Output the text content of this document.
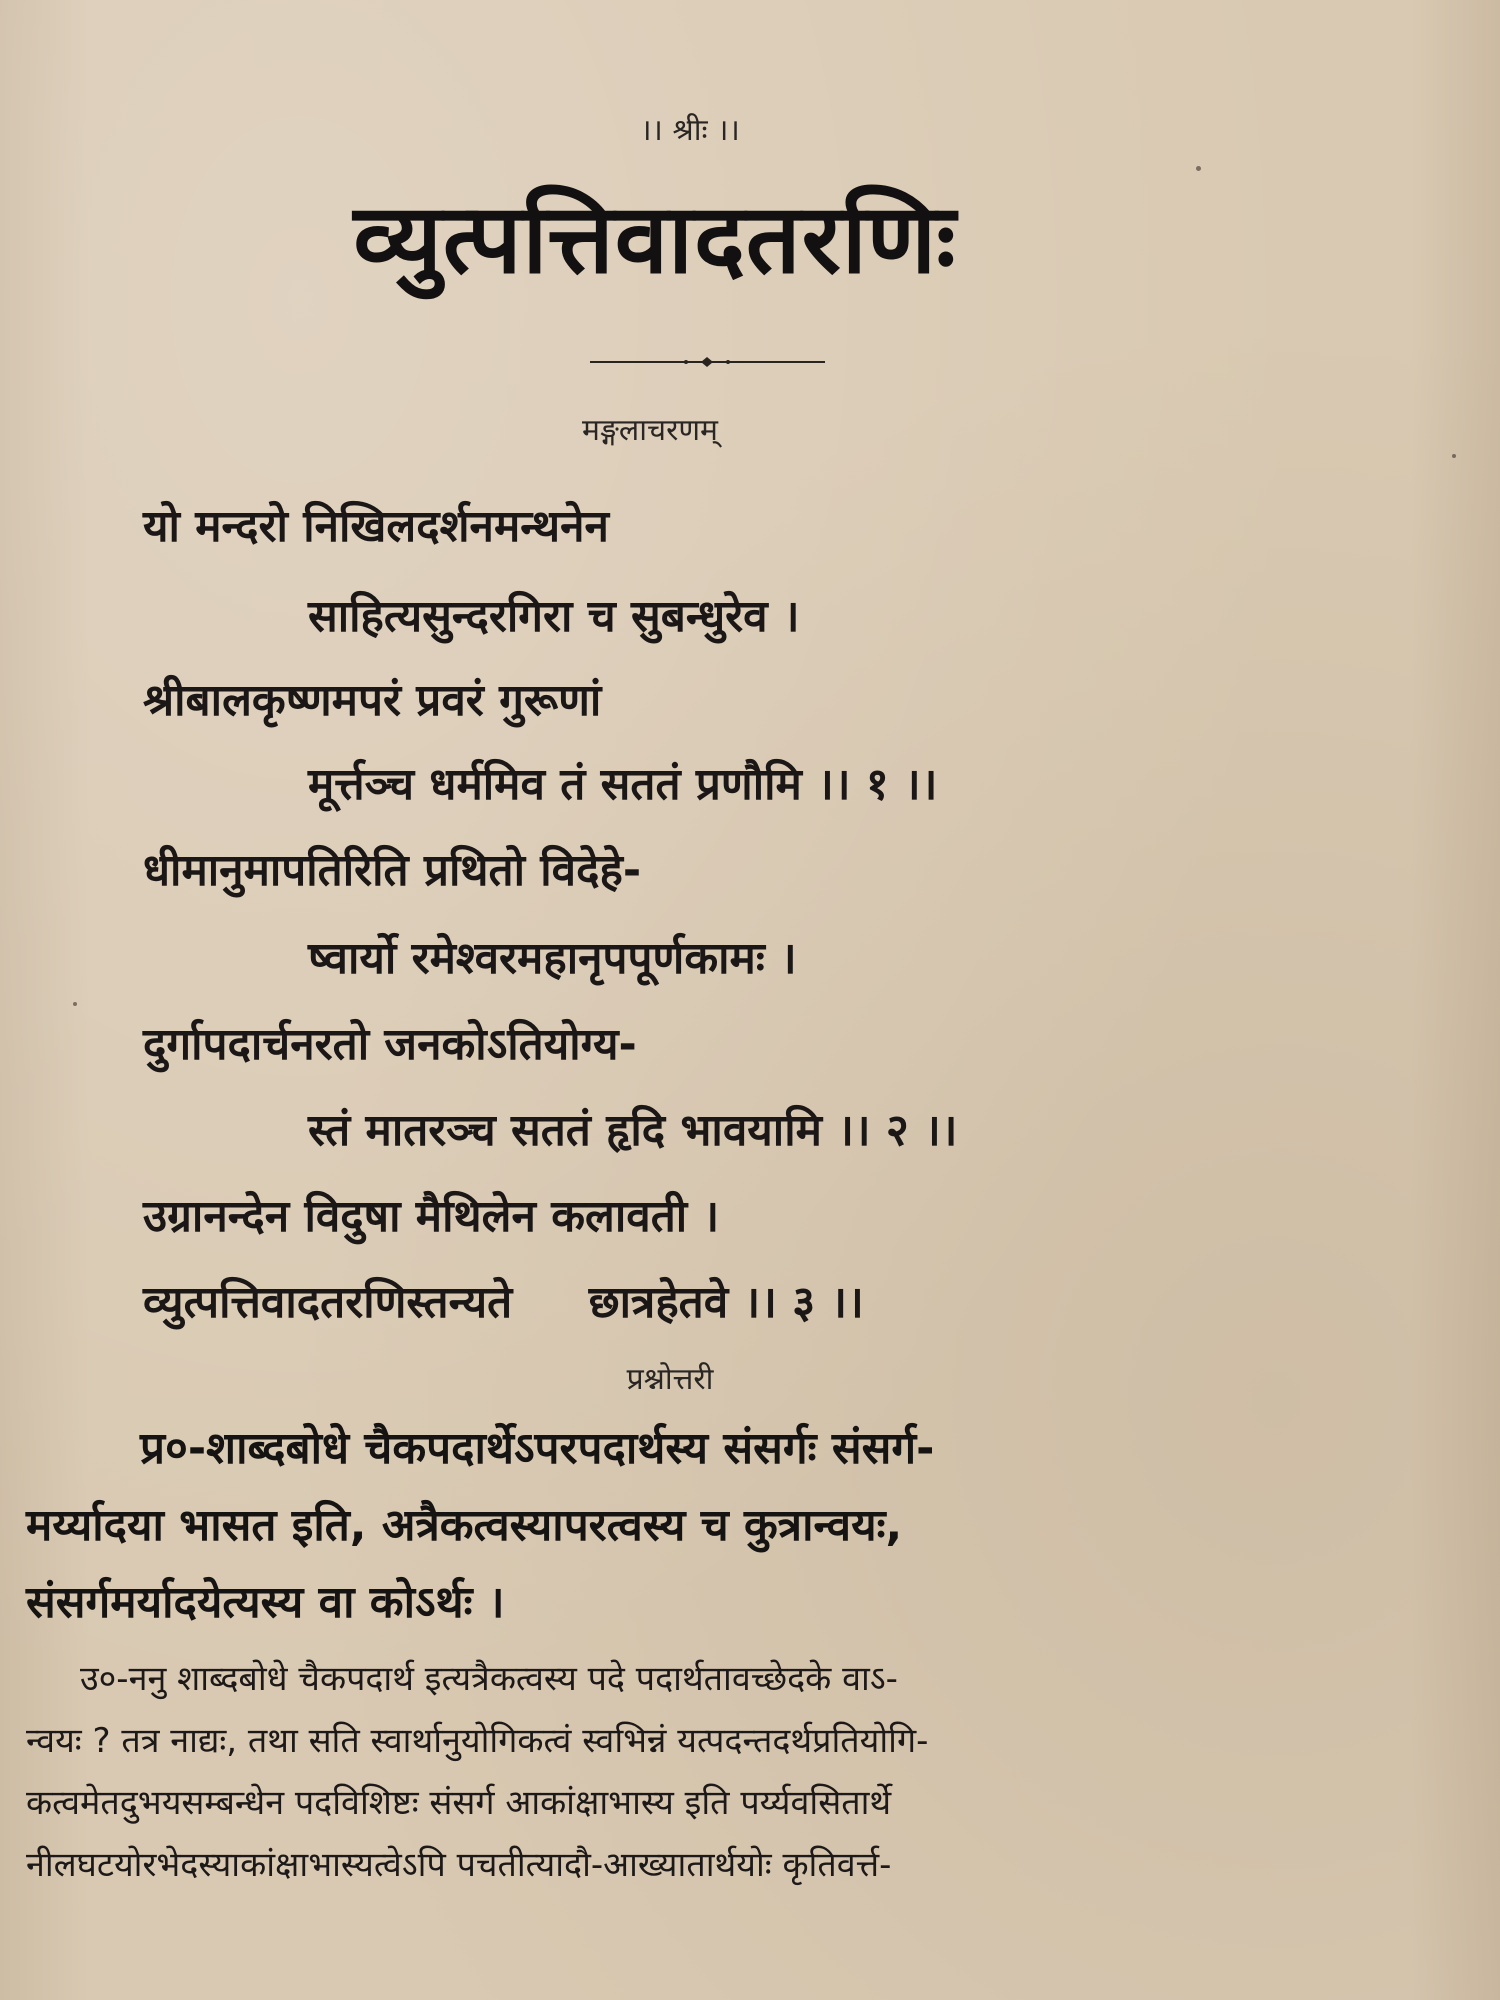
।। श्रीः ।।
व्युत्पत्तिवादतरणिः
मङ्गलाचरणम्
यो मन्दरो निखिलदर्शनमन्थनेन
साहित्यसुन्दरगिरा च सुबन्धुरेव ।
श्रीबालकृष्णमपरं प्रवरं गुरूणां
मूर्त्तञ्च धर्ममिव तं सततं प्रणौमि ।। १ ।।
धीमानुमापतिरिति प्रथितो विदेहे-
ष्वार्यो रमेश्वरमहानृपपूर्णकामः ।
दुर्गापदार्चनरतो जनकोऽतियोग्य-
स्तं मातरञ्च सततं हृदि भावयामि ।। २ ।।
उग्रानन्देन विदुषा मैथिलेन कलावती ।
व्युत्पत्तिवादतरणिस्तन्यते     छात्रहेतवे ।। ३ ।।
प्रश्नोत्तरी
प्र०-शाब्दबोधे चैकपदार्थेऽपरपदार्थस्य संसर्गः संसर्ग-
मर्य्यादया भासत इति, अत्रैकत्वस्यापरत्वस्य च कुत्रान्वयः,
संसर्गमर्यादयेत्यस्य वा कोऽर्थः ।
उ०-ननु शाब्दबोधे चैकपदार्थ इत्यत्रैकत्वस्य पदे पदार्थतावच्छेदके वाऽ-
न्वयः ? तत्र नाद्यः, तथा सति स्वार्थानुयोगिकत्वं स्वभिन्नं यत्पदन्तदर्थप्रतियोगि-
कत्वमेतदुभयसम्बन्धेन पदविशिष्टः संसर्ग आकांक्षाभास्य इति पर्य्यवसितार्थे
नीलघटयोरभेदस्याकांक्षाभास्यत्वेऽपि पचतीत्यादौ-आख्यातार्थयोः कृतिवर्त्त-
